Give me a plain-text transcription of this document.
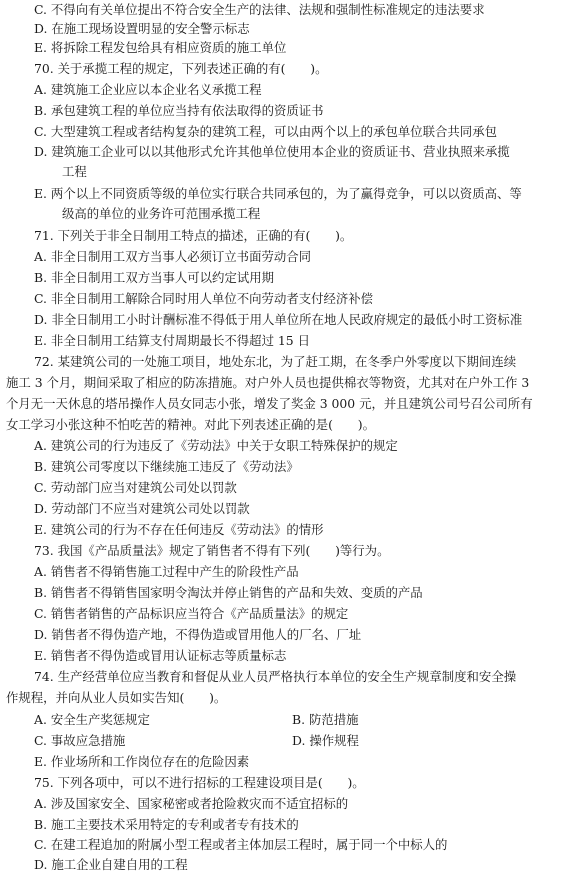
C. 不得向有关单位提出不符合安全生产的法律、法规和强制性标准规定的违法要求
D. 在施工现场设置明显的安全警示标志
E. 将拆除工程发包给具有相应资质的施工单位
70. 关于承揽工程的规定，下列表述正确的有(　　)。
A. 建筑施工企业应以本企业名义承揽工程
B. 承包建筑工程的单位应当持有依法取得的资质证书
C. 大型建筑工程或者结构复杂的建筑工程，可以由两个以上的承包单位联合共同承包
D. 建筑施工企业可以以其他形式允许其他单位使用本企业的资质证书、营业执照来承揽
工程
E. 两个以上不同资质等级的单位实行联合共同承包的，为了赢得竞争，可以以资质高、等
级高的单位的业务许可范围承揽工程
71. 下列关于非全日制用工特点的描述，正确的有(　　)。
A. 非全日制用工双方当事人必须订立书面劳动合同
B. 非全日制用工双方当事人可以约定试用期
C. 非全日制用工解除合同时用人单位不向劳动者支付经济补偿
D. 非全日制用工小时计酬标准不得低于用人单位所在地人民政府规定的最低小时工资标准
E. 非全日制用工结算支付周期最长不得超过 15 日
72. 某建筑公司的一处施工项目，地处东北，为了赶工期，在冬季户外零度以下期间连续
施工 3 个月，期间采取了相应的防冻措施。对户外人员也提供棉衣等物资，尤其对在户外工作 3
个月无一天休息的塔吊操作人员女同志小张，增发了奖金 3 000 元，并且建筑公司号召公司所有
女工学习小张这种不怕吃苦的精神。对此下列表述正确的是(　　)。
A. 建筑公司的行为违反了《劳动法》中关于女职工特殊保护的规定
B. 建筑公司零度以下继续施工违反了《劳动法》
C. 劳动部门应当对建筑公司处以罚款
D. 劳动部门不应当对建筑公司处以罚款
E. 建筑公司的行为不存在任何违反《劳动法》的情形
73. 我国《产品质量法》规定了销售者不得有下列(　　)等行为。
A. 销售者不得销售施工过程中产生的阶段性产品
B. 销售者不得销售国家明令淘汰并停止销售的产品和失效、变质的产品
C. 销售者销售的产品标识应当符合《产品质量法》的规定
D. 销售者不得伪造产地，不得伪造或冒用他人的厂名、厂址
E. 销售者不得伪造或冒用认证标志等质量标志
74. 生产经营单位应当教育和督促从业人员严格执行本单位的安全生产规章制度和安全操
作规程，并向从业人员如实告知(　　)。
A. 安全生产奖惩规定	B. 防范措施
C. 事故应急措施	D. 操作规程
E. 作业场所和工作岗位存在的危险因素
75. 下列各项中，可以不进行招标的工程建设项目是(　　)。
A. 涉及国家安全、国家秘密或者抢险救灾而不适宜招标的
B. 施工主要技术采用特定的专利或者专有技术的
C. 在建工程追加的附属小型工程或者主体加层工程时，属于同一个中标人的
D. 施工企业自建自用的工程
